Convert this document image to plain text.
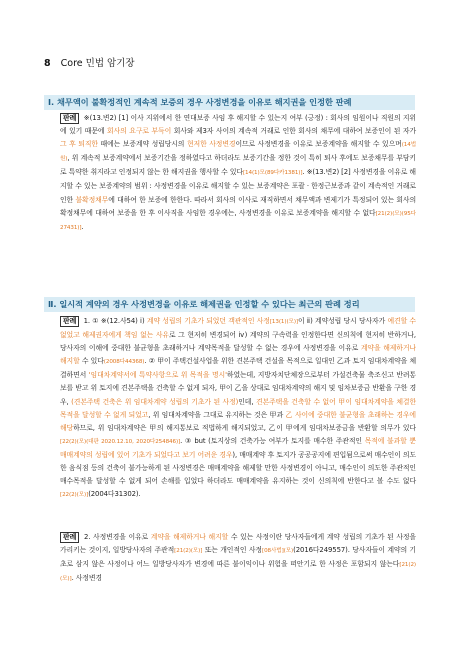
8 Core 민법 암기장
Ⅰ. 채무액이 불확정적인 계속적 보증의 경우 사정변경을 이유로 해지권을 인정한 판례
판례 ※(13.변2) [1] 이사 지위에서 한 연대보증 사임 후 해지할 수 있는지 여부 (긍정) : 회사의 임원이나 직원의 지위에 있기 때문에 회사의 요구로 부득이 회사와 제3자 사이의 계속적 거래로 인한 회사의 채무에 대하여 보증인이 된 자가 그 후 퇴직한 때에는 보증계약 성립당시의 현저한 사정변경이므로 사정변경을 이유로 보증계약을 해지할 수 있으며(14법원), 위 계속적 보증계약에서 보증기간을 정하였다고 하더라도 보증기간을 정한 것이 특히 퇴사 후에도 보증채무를 부담키로 특약한 취지라고 인정되지 않는 한 해지권을 행사할 수 있다[14(1)모(89다카1381)]. ※(13.변2) [2] 사정변경을 이유로 해지할 수 있는 보증계약의 범위 : 사정변경을 이유로 해지할 수 있는 보증계약은 포괄 · 한정근보증과 같이 계속적인 거래로 인한 불확정채무에 대하여 한 보증에 한한다. 따라서 회사의 이사로 재직하면서 채무액과 변제기가 특정되어 있는 회사의 확정채무에 대하여 보증을 한 후 이사직을 사임한 경우에는, 사정변경을 이유로 보증계약을 해지할 수 없다[21(2)(모)(95다27431)].
Ⅱ. 일시적 계약의 경우 사정변경을 이유로 해제권을 인정할 수 있다는 최근의 판례 정리
판례 1. ① ※(12.사54) ⅰ) 계약 성립의 기초가 되었던 객관적인 사정[13(1)(모)]이 ⅱ) 계약성립 당시 당사자가 예견할 수 없었고 해제권자에게 책임 없는 사유로 그 현저히 변경되어 ⅳ) 계약의 구속력을 인정한다면 신의칙에 현저히 반하거나, 당사자의 이해에 중대한 불균형을 초래하거나 계약목적을 달성할 수 없는 경우에 사정변경을 이유로 계약을 해제하거나 해지할 수 있다(2008다44368). ② 甲이 주택건설사업을 위한 견본주택 건설을 목적으로 일대인 乙과 토지 임대차계약을 체결하면서 '임대차계약서에 특약사항으로 위 목적을 명시'하였는데, 지방자치단체장으로부터 가설건축물 축조신고 반려통보를 받고 위 토지에 견본주택을 건축할 수 없게 되자, 甲이 乙을 상대로 임대차계약의 해지 및 임차보증금 반환을 구한 경우, (견본주택 건축은 위 임대차계약 성립의 기초가 된 사정)인데, 견본주택을 건축할 수 없어 甲이 임대차계약을 체결한 목적을 달성할 수 없게 되었고, 위 임대차계약을 그대로 유지하는 것은 甲과 乙 사이에 중대한 불균형을 초래하는 경우에 해당하므로, 위 임대차계약은 甲의 해지통보로 적법하게 해지되었고, 乙이 甲에게 임대차보증금을 반환할 의무가 있다[22(2)(모)(대판 2020.12.10, 2020다254846)]. ③ but (토지상의 건축가능 여부가 토지를 매수한 주관적인 목적에 불과할 뿐 매매계약의 성립에 있어 기초가 되었다고 보기 어려운 경우), 매매계약 후 토지가 공공공지에 편입됨으로써 매수인이 의도한 음식점 등의 건축이 불가능하게 된 사정변경은 매매계약을 해제할 만한 사정변경이 아니고, 매수인이 의도한 주관적인 매수목적을 달성할 수 없게 되어 손해를 입었다 하더라도 매매계약을 유지하는 것이 신의칙에 반한다고 볼 수도 없다[22(2)(모)](2004다31302).
판례 2. 사정변경을 이유로 계약을 해제하거나 해지할 수 있는 사정이란 당사자들에게 계약 성립의 기초가 된 사정을 가리키는 것이지, 일방당사자의 주관적[21(2)(모)] 또는 개인적인 사정[08사법](모)(2016다249557). 당사자들이 계약의 기초로 삼지 않은 사정이나 어느 일방당사자가 변경에 따른 불이익이나 위험을 떠안기로 한 사정은 포함되지 않는다[21(2)(모)]. 사정변경
